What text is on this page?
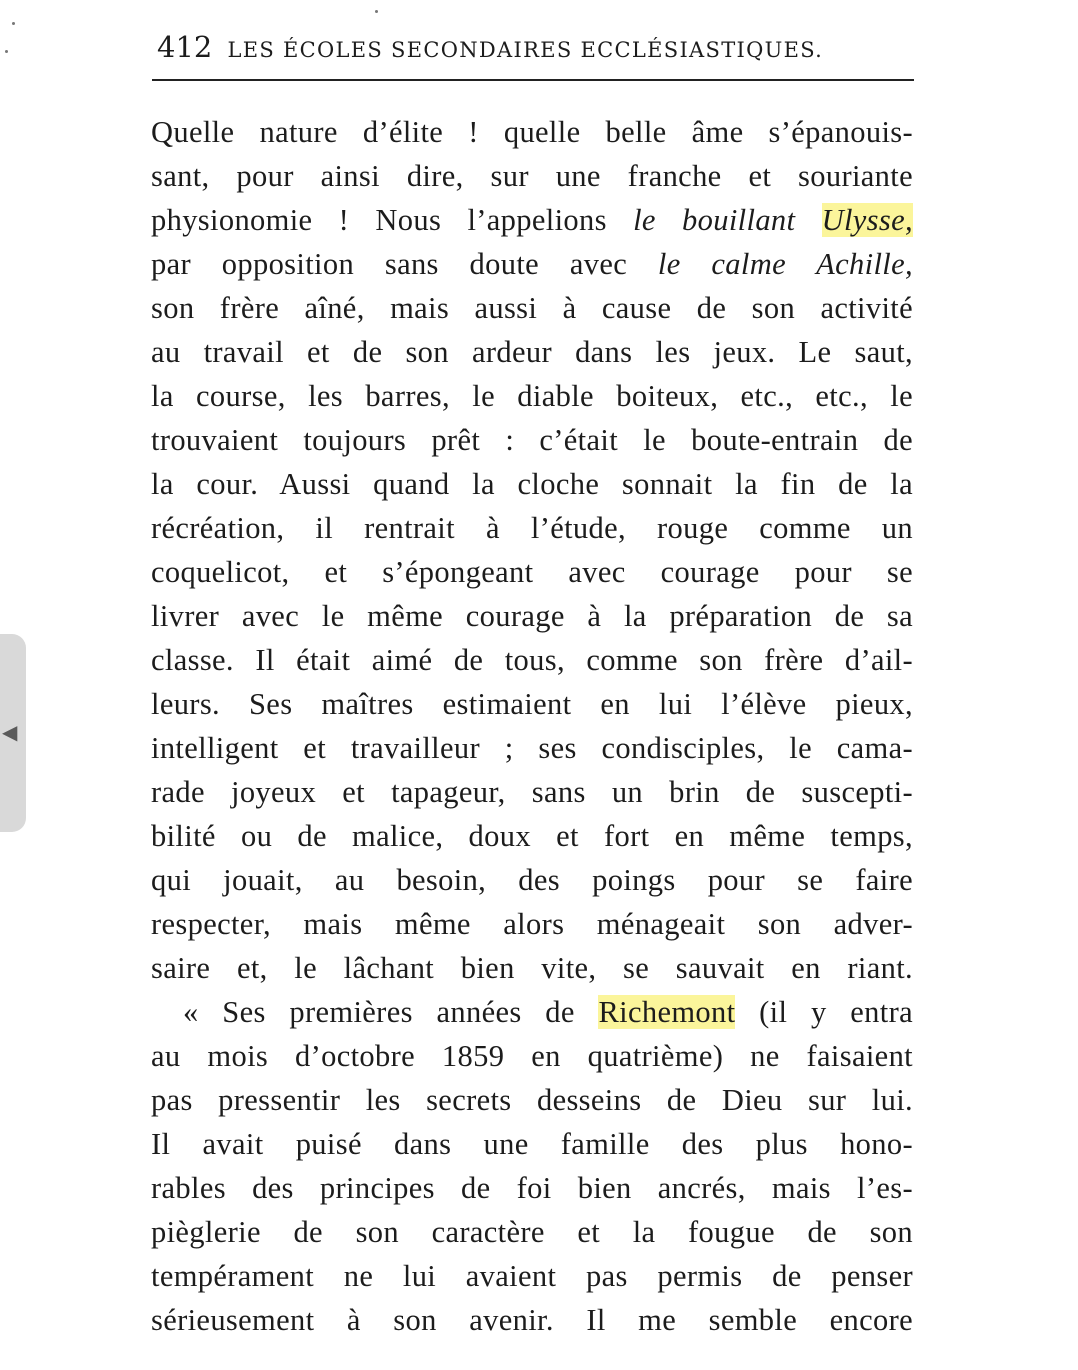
412 LES ÉCOLES SECONDAIRES ECCLÉSIASTIQUES.
Quelle nature d’élite ! quelle belle âme s’épanouis-
sant, pour ainsi dire, sur une franche et souriante
physionomie ! Nous l’appelions le bouillant Ulysse,
par opposition sans doute avec le calme Achille,
son frère aîné, mais aussi à cause de son activité
au travail et de son ardeur dans les jeux. Le saut,
la course, les barres, le diable boiteux, etc., etc., le
trouvaient toujours prêt : c’était le boute-entrain de
la cour. Aussi quand la cloche sonnait la fin de la
récréation, il rentrait à l’étude, rouge comme un
coquelicot, et s’épongeant avec courage pour se
livrer avec le même courage à la préparation de sa
classe. Il était aimé de tous, comme son frère d’ail-
leurs. Ses maîtres estimaient en lui l’élève pieux,
intelligent et travailleur ; ses condisciples, le cama-
rade joyeux et tapageur, sans un brin de suscepti-
bilité ou de malice, doux et fort en même temps,
qui jouait, au besoin, des poings pour se faire
respecter, mais même alors ménageait son adver-
saire et, le lâchant bien vite, se sauvait en riant.
« Ses premières années de Richemont (il y entra
au mois d’octobre 1859 en quatrième) ne faisaient
pas pressentir les secrets desseins de Dieu sur lui.
Il avait puisé dans une famille des plus hono-
rables des principes de foi bien ancrés, mais l’es-
pièglerie de son caractère et la fougue de son
tempérament ne lui avaient pas permis de penser
sérieusement à son avenir. Il me semble encore
◀
